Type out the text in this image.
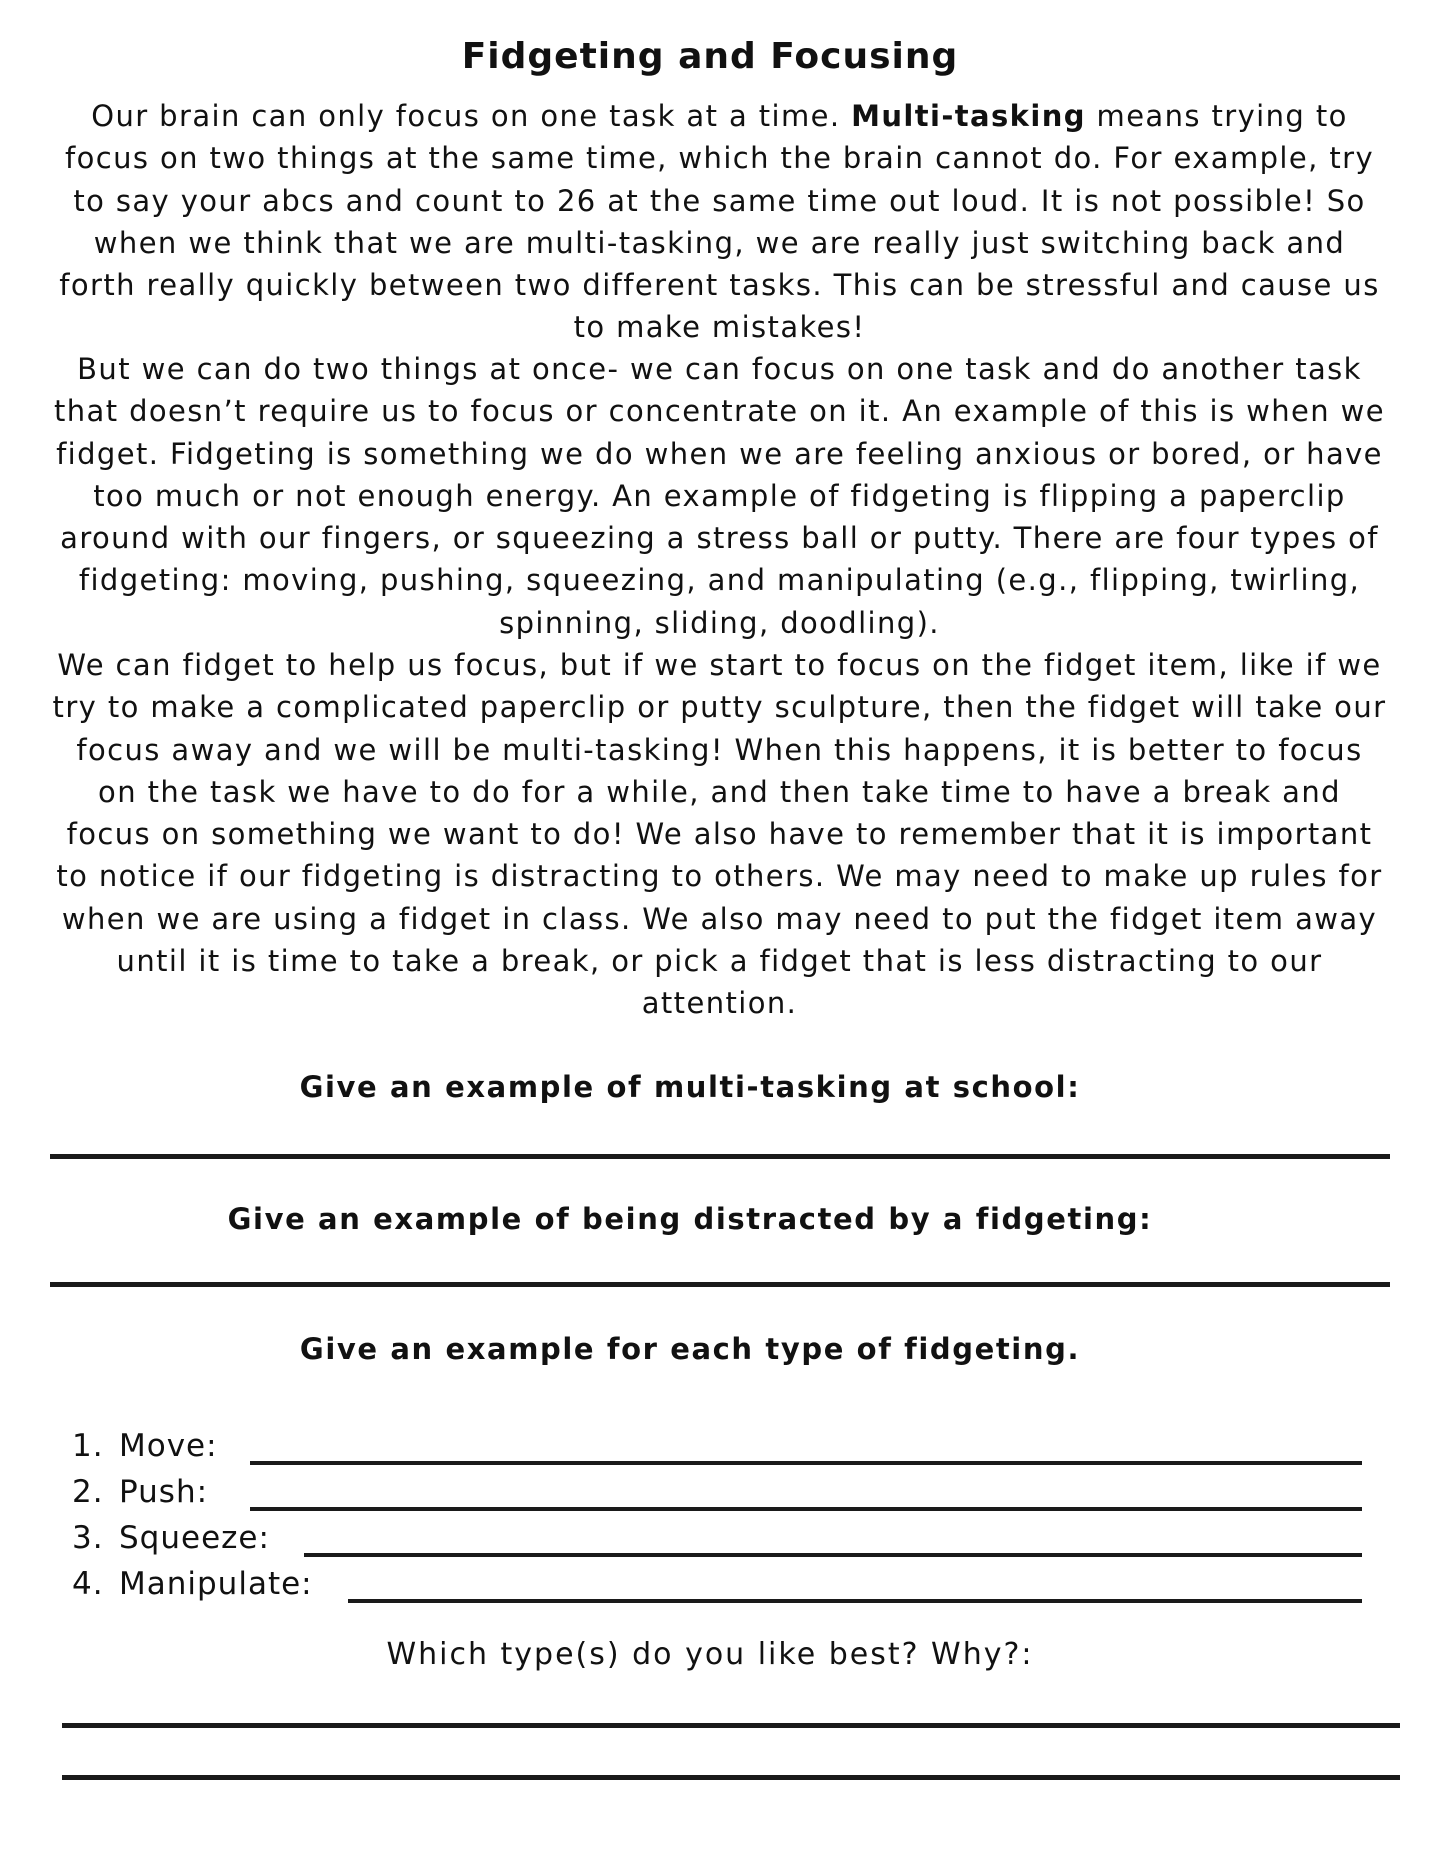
Fidgeting and Focusing

Our brain can only focus on one task at a time. Multi-tasking means trying to focus on two things at the same time, which the brain cannot do. For example, try to say your abcs and count to 26 at the same time out loud. It is not possible! So when we think that we are multi-tasking, we are really just switching back and forth really quickly between two different tasks. This can be stressful and cause us to make mistakes!

But we can do two things at once- we can focus on one task and do another task that doesn’t require us to focus or concentrate on it. An example of this is when we fidget. Fidgeting is something we do when we are feeling anxious or bored, or have too much or not enough energy. An example of fidgeting is flipping a paperclip around with our fingers, or squeezing a stress ball or putty. There are four types of fidgeting: moving, pushing, squeezing, and manipulating (e.g., flipping, twirling, spinning, sliding, doodling).

We can fidget to help us focus, but if we start to focus on the fidget item, like if we try to make a complicated paperclip or putty sculpture, then the fidget will take our focus away and we will be multi-tasking! When this happens, it is better to focus on the task we have to do for a while, and then take time to have a break and focus on something we want to do! We also have to remember that it is important to notice if our fidgeting is distracting to others. We may need to make up rules for when we are using a fidget in class. We also may need to put the fidget item away until it is time to take a break, or pick a fidget that is less distracting to our attention.

Give an example of multi-tasking at school:

Give an example of being distracted by a fidgeting:

Give an example for each type of fidgeting.

1. Move:
2. Push:
3. Squeeze:
4. Manipulate:

Which type(s) do you like best? Why?:
